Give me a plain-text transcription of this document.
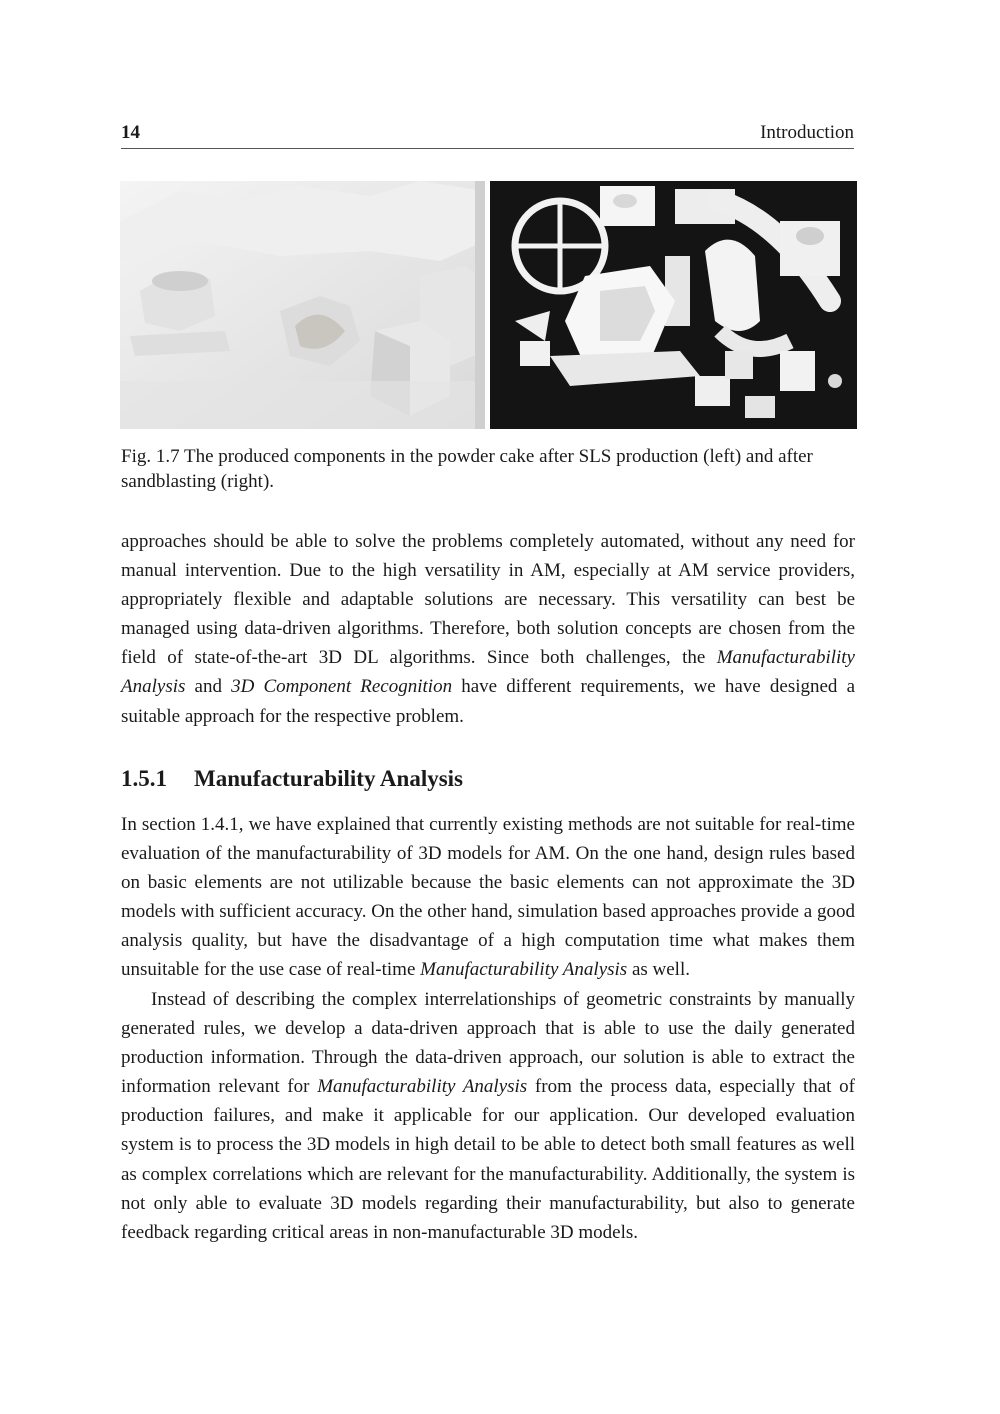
14	Introduction
Fig. 1.7 The produced components in the powder cake after SLS production (left) and after sandblasting (right).

approaches should be able to solve the problems completely automated, without any need for manual intervention. Due to the high versatility in AM, especially at AM service providers, appropriately flexible and adaptable solutions are necessary. This versatility can best be managed using data-driven algorithms. Therefore, both solution concepts are chosen from the field of state-of-the-art 3D DL algorithms. Since both challenges, the Manufacturability Analysis and 3D Component Recognition have different requirements, we have designed a suitable approach for the respective problem.

1.5.1 Manufacturability Analysis

In section 1.4.1, we have explained that currently existing methods are not suitable for real-time evaluation of the manufacturability of 3D models for AM. On the one hand, design rules based on basic elements are not utilizable because the basic elements can not approximate the 3D models with sufficient accuracy. On the other hand, simulation based approaches provide a good analysis quality, but have the disadvantage of a high computation time what makes them unsuitable for the use case of real-time Manufacturability Analysis as well.

Instead of describing the complex interrelationships of geometric constraints by manually generated rules, we develop a data-driven approach that is able to use the daily generated production information. Through the data-driven approach, our solution is able to extract the information relevant for Manufacturability Analysis from the process data, especially that of production failures, and make it applicable for our application. Our developed evaluation system is to process the 3D models in high detail to be able to detect both small features as well as complex correlations which are relevant for the manufacturability. Additionally, the system is not only able to evaluate 3D models regarding their manufacturability, but also to generate feedback regarding critical areas in non-manufacturable 3D models.
